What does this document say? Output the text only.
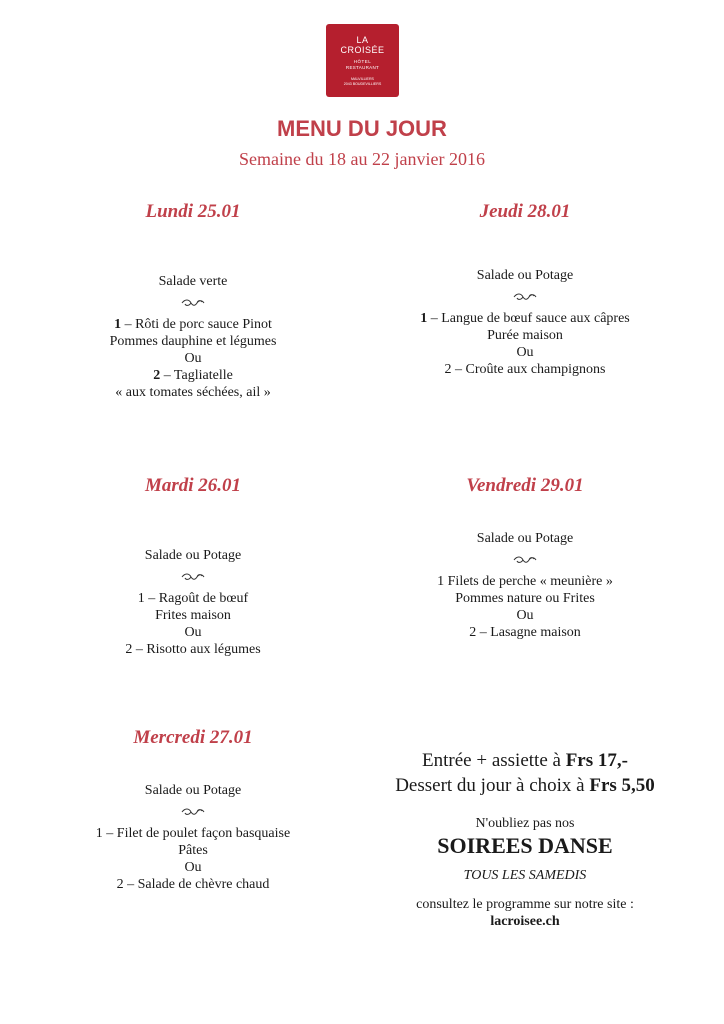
LA
CROISÉE
HÔTEL
RESTAURANT
MALVILLIERS
2043 BOUDEVILLIERS
MENU DU JOUR
Semaine du 18 au 22 janvier 2016
Lundi 25.01
Salade verte
1 – Rôti de porc sauce Pinot
Pommes dauphine et légumes
Ou
2 – Tagliatelle
« aux tomates séchées, ail »
Jeudi 28.01
Salade ou Potage
1 – Langue de bœuf sauce aux câpres
Purée maison
Ou
2 – Croûte aux champignons
Mardi 26.01
Salade ou Potage
1 – Ragoût de bœuf
Frites maison
Ou
2 – Risotto aux légumes
Vendredi 29.01
Salade ou Potage
1 Filets de perche « meunière »
Pommes nature ou Frites
Ou
2 – Lasagne maison
Mercredi 27.01
Salade ou Potage
1 – Filet de poulet façon basquaise
Pâtes
Ou
2 – Salade de chèvre chaud
Entrée + assiette à Frs 17,-
Dessert du jour à choix à Frs 5,50
N'oubliez pas nos
SOIREES DANSE
TOUS LES SAMEDIS
consultez le programme sur notre site :
lacroisee.ch
